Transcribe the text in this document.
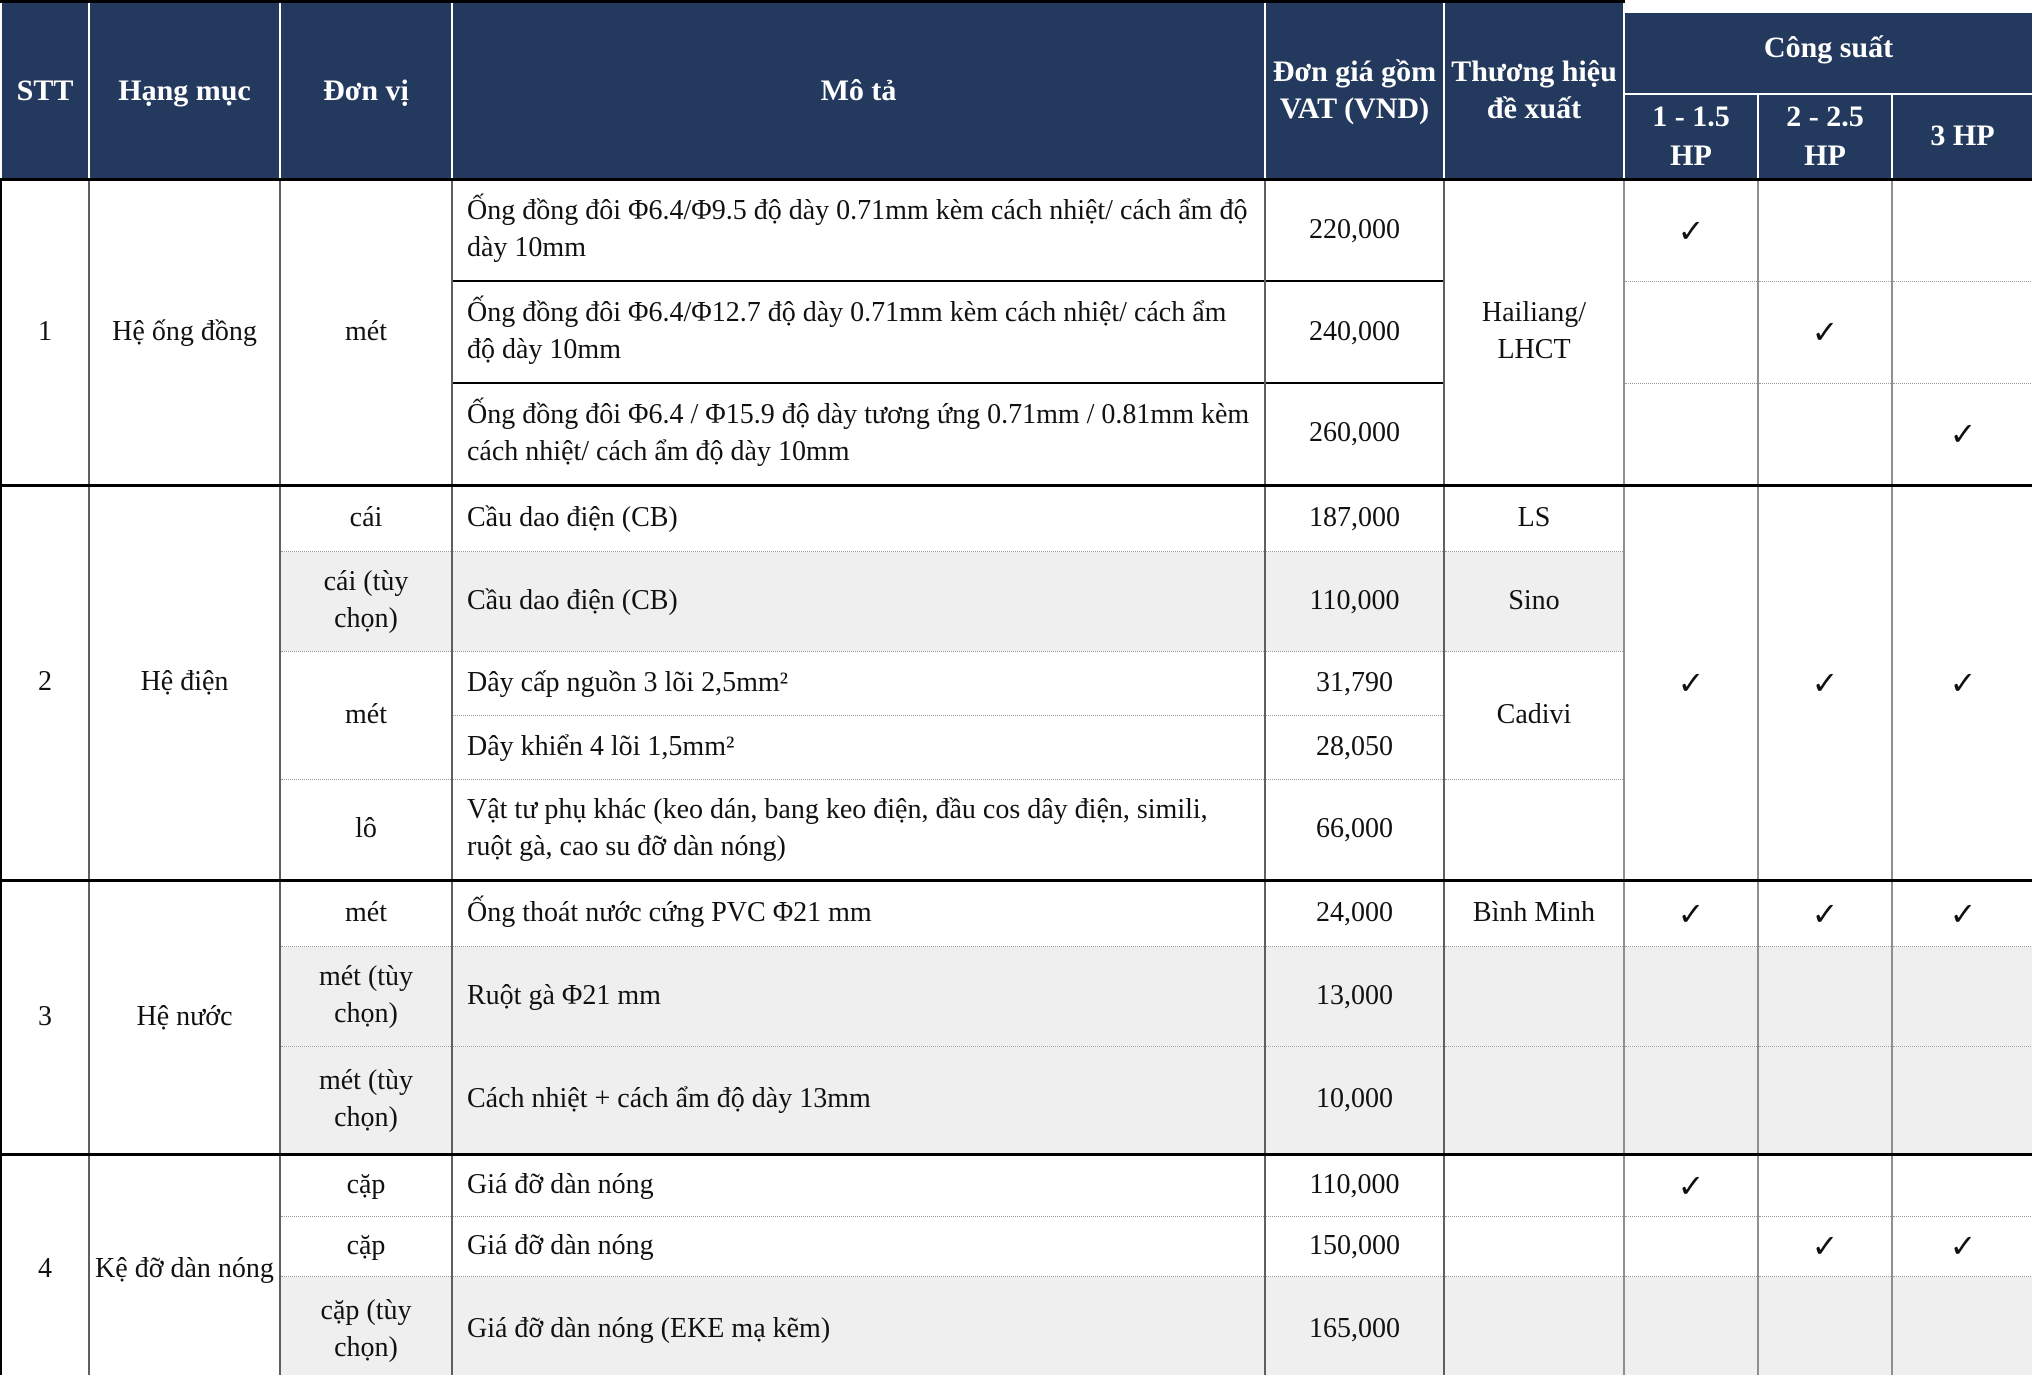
STT	Hạng mục	Đơn vị	Mô tả	Đơn giá gồm VAT (VND)	Thương hiệu đề xuất	Công suất		
						1 - 1.5 HP	2 - 2.5 HP	3 HP
1	Hệ ống đồng	mét	Ống đồng đôi Φ6.4/Φ9.5 độ dày 0.71mm kèm cách nhiệt/ cách ẩm độ dày 10mm	220,000	Hailiang/ LHCT	✓		
			Ống đồng đôi Φ6.4/Φ12.7 độ dày 0.71mm kèm cách nhiệt/ cách ẩm độ dày 10mm	240,000			✓	
			Ống đồng đôi Φ6.4 / Φ15.9 độ dày tương ứng 0.71mm / 0.81mm kèm cách nhiệt/ cách ẩm độ dày 10mm	260,000				✓
2	Hệ điện	cái	Cầu dao điện (CB)	187,000	LS	✓	✓	✓
		cái (tùy chọn)	Cầu dao điện (CB)	110,000	Sino			
		mét	Dây cấp nguồn 3 lõi 2,5mm²	31,790	Cadivi			
			Dây khiển 4 lõi 1,5mm²	28,050				
		lô	Vật tư phụ khác (keo dán, bang keo điện, đầu cos dây điện, simili, ruột gà, cao su đỡ dàn nóng)	66,000				
3	Hệ nước	mét	Ống thoát nước cứng PVC Φ21 mm	24,000	Bình Minh	✓	✓	✓
		mét (tùy chọn)	Ruột gà Φ21 mm	13,000				
		mét (tùy chọn)	Cách nhiệt + cách ẩm độ dày 13mm	10,000				
4	Kệ đỡ dàn nóng	cặp	Giá đỡ dàn nóng	110,000		✓		
		cặp	Giá đỡ dàn nóng	150,000			✓	✓
		cặp (tùy chọn)	Giá đỡ dàn nóng (EKE mạ kẽm)	165,000				
